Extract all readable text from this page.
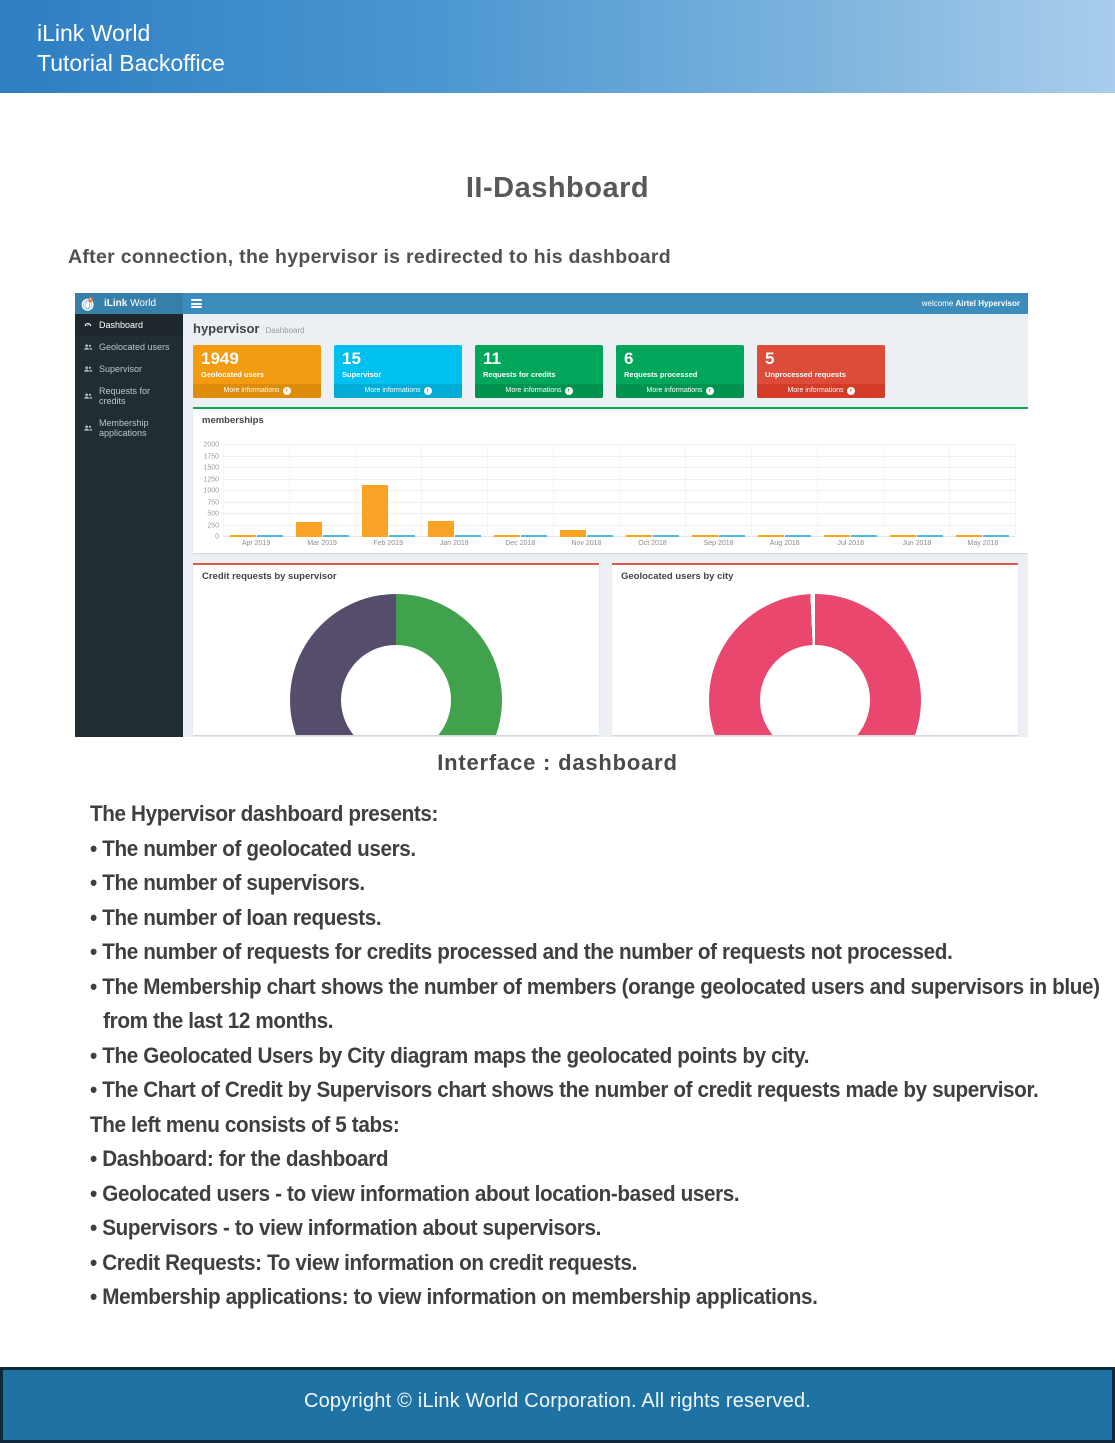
iLink World
Tutorial Backoffice
II-Dashboard
After connection, the hypervisor is redirected to his dashboard
iLink World	welcome Airtel Hypervisor
Dashboard
Geolocated users
Supervisor
Requests for credits
Membership applications
hypervisor Dashboard
1949
Geolocated users
More informations ›
15
Supervisor
More informations ›
11
Requests for credits
More informations ›
6
Requests processed
More informations ›
5
Unprocessed requests
More informations ›
memberships
0
250
500
750
1000
1250
1500
1750
2000
Apr 2019	Mar 2019	Feb 2019	Jan 2019	Dec 2018	Nov 2018	Oct 2018	Sep 2018	Aug 2018	Jul 2018	Jun 2018	May 2018
Credit requests by supervisor	Geolocated users by city
Interface : dashboard
The Hypervisor dashboard presents:
• The number of geolocated users.
• The number of supervisors.
• The number of loan requests.
• The number of requests for credits processed and the number of requests not processed.
• The Membership chart shows the number of members (orange geolocated users and supervisors in blue)
from the last 12 months.
• The Geolocated Users by City diagram maps the geolocated points by city.
• The Chart of Credit by Supervisors chart shows the number of credit requests made by supervisor.
The left menu consists of 5 tabs:
• Dashboard: for the dashboard
• Geolocated users - to view information about location-based users.
• Supervisors - to view information about supervisors.
• Credit Requests: To view information on credit requests.
• Membership applications: to view information on membership applications.
Copyright © iLink World Corporation. All rights reserved.
